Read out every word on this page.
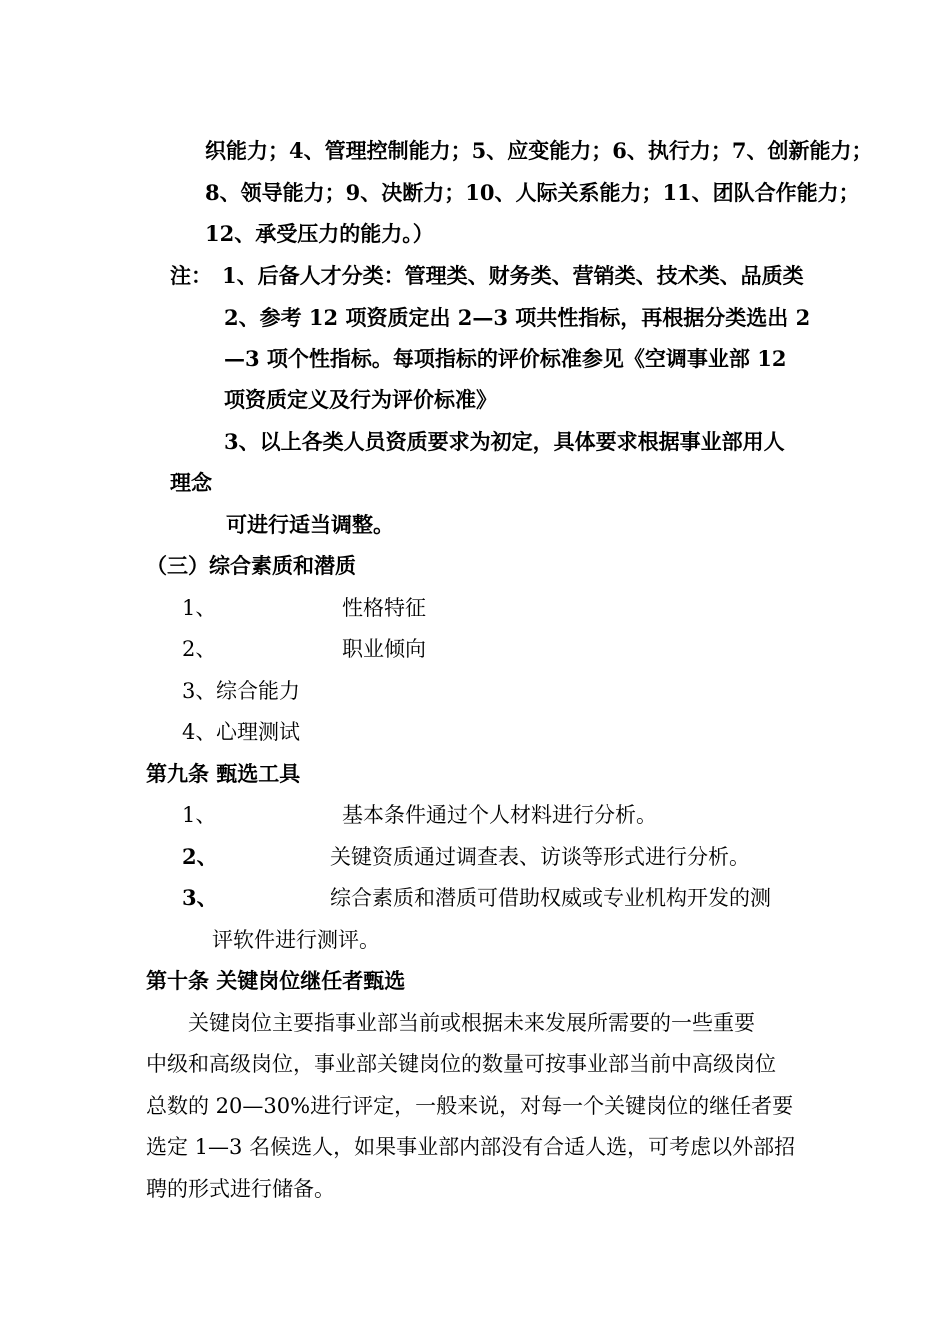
织能力；4、管理控制能力；5、应变能力；6、执行力；7、创新能力；
8、领导能力；9、决断力；10、人际关系能力；11、团队合作能力；
12、承受压力的能力。）
注： 1、后备人才分类：管理类、财务类、营销类、技术类、品质类
2、参考 12 项资质定出 2—3 项共性指标，再根据分类选出 2
—3 项个性指标。每项指标的评价标准参见《空调事业部 12
项资质定义及行为评价标准》
3、以上各类人员资质要求为初定，具体要求根据事业部用人
理念
可进行适当调整。
（三）综合素质和潜质
1、	性格特征
2、	职业倾向
3、 综合能力
4、 心理测试
第九条 甄选工具
1、	基本条件通过个人材料进行分析。
2、	关键资质通过调查表、访谈等形式进行分析。
3、	综合素质和潜质可借助权威或专业机构开发的测
评软件进行测评。
第十条 关键岗位继任者甄选
关键岗位主要指事业部当前或根据未来发展所需要的一些重要
中级和高级岗位，事业部关键岗位的数量可按事业部当前中高级岗位
总数的 20—30%进行评定，一般来说，对每一个关键岗位的继任者要
选定 1—3 名候选人，如果事业部内部没有合适人选，可考虑以外部招
聘的形式进行储备。
